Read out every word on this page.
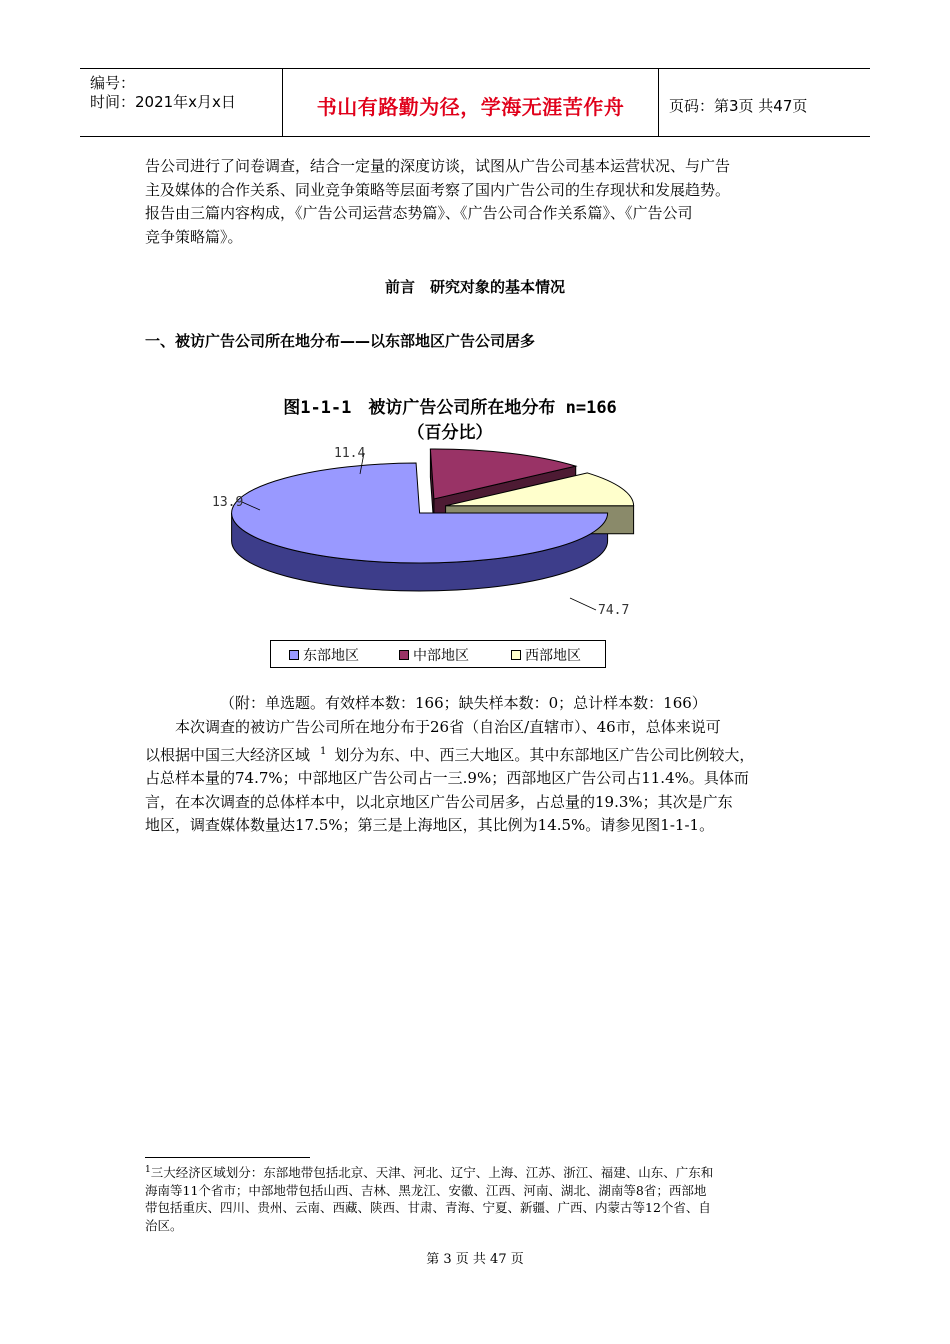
编号：
时间：2021年x月x日	书山有路勤为径，学海无涯苦作舟	页码：第3页 共47页
告公司进行了问卷调查，结合一定量的深度访谈，试图从广告公司基本运营状况、与广告
主及媒体的合作关系、同业竞争策略等层面考察了国内广告公司的生存现状和发展趋势。
报告由三篇内容构成，《广告公司运营态势篇》、《广告公司合作关系篇》、《广告公司
竞争策略篇》。
前言　研究对象的基本情况
一、被访广告公司所在地分布——以东部地区广告公司居多
图1-1-1　被访广告公司所在地分布 n=166
（百分比）
74.7
13.9
11.4
东部地区	中部地区	西部地区
（附：单选题。有效样本数：166；缺失样本数：0；总计样本数：166）
本次调查的被访广告公司所在地分布于26省（自治区/直辖市）、46市，总体来说可
以根据中国三大经济区域 $^1$ 划分为东、中、西三大地区。其中东部地区广告公司比例较大，
占总样本量的74.7%；中部地区广告公司占一三.9%；西部地区广告公司占11.4%。具体而
言，在本次调查的总体样本中，以北京地区广告公司居多，占总量的19.3%；其次是广东
地区，调查媒体数量达17.5%；第三是上海地区，其比例为14.5%。请参见图1-1-1。
$^1$三大经济区域划分：东部地带包括北京、天津、河北、辽宁、上海、江苏、浙江、福建、山东、广东和
海南等11个省市；中部地带包括山西、吉林、黑龙江、安徽、江西、河南、湖北、湖南等8省；西部地
带包括重庆、四川、贵州、云南、西藏、陕西、甘肃、青海、宁夏、新疆、广西、内蒙古等12个省、自
治区。
第 3 页 共 47 页
